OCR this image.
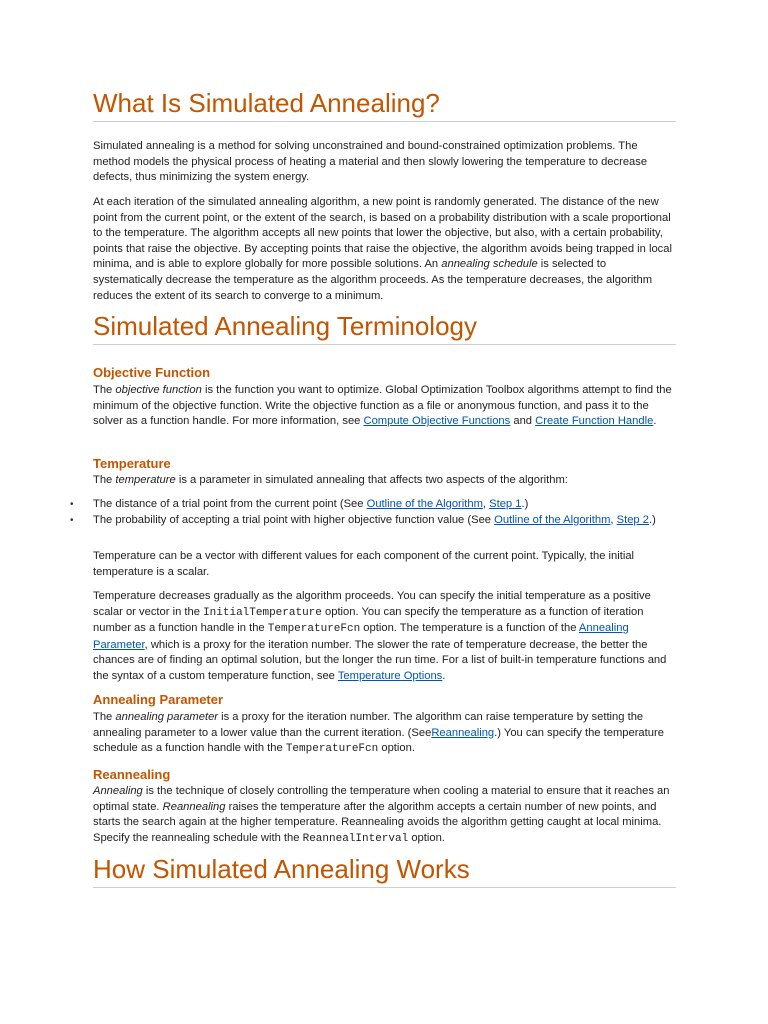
What Is Simulated Annealing?

Simulated annealing is a method for solving unconstrained and bound-constrained optimization problems. The method models the physical process of heating a material and then slowly lowering the temperature to decrease defects, thus minimizing the system energy.

At each iteration of the simulated annealing algorithm, a new point is randomly generated. The distance of the new point from the current point, or the extent of the search, is based on a probability distribution with a scale proportional to the temperature. The algorithm accepts all new points that lower the objective, but also, with a certain probability, points that raise the objective. By accepting points that raise the objective, the algorithm avoids being trapped in local minima, and is able to explore globally for more possible solutions. An annealing schedule is selected to systematically decrease the temperature as the algorithm proceeds. As the temperature decreases, the algorithm reduces the extent of its search to converge to a minimum.

Simulated Annealing Terminology
Objective Function

The objective function is the function you want to optimize. Global Optimization Toolbox algorithms attempt to find the minimum of the objective function. Write the objective function as a file or anonymous function, and pass it to the solver as a function handle. For more information, see Compute Objective Functions and Create Function Handle.

Temperature

The temperature is a parameter in simulated annealing that affects two aspects of the algorithm:

• The distance of a trial point from the current point (See Outline of the Algorithm, Step 1.)
• The probability of accepting a trial point with higher objective function value (See Outline of the Algorithm, Step 2.)

Temperature can be a vector with different values for each component of the current point. Typically, the initial temperature is a scalar.

Temperature decreases gradually as the algorithm proceeds. You can specify the initial temperature as a positive scalar or vector in the InitialTemperature option. You can specify the temperature as a function of iteration number as a function handle in the TemperatureFcn option. The temperature is a function of the Annealing Parameter, which is a proxy for the iteration number. The slower the rate of temperature decrease, the better the chances are of finding an optimal solution, but the longer the run time. For a list of built-in temperature functions and the syntax of a custom temperature function, see Temperature Options.

Annealing Parameter

The annealing parameter is a proxy for the iteration number. The algorithm can raise temperature by setting the annealing parameter to a lower value than the current iteration. (SeeReannealing.) You can specify the temperature schedule as a function handle with the TemperatureFcn option.

Reannealing

Annealing is the technique of closely controlling the temperature when cooling a material to ensure that it reaches an optimal state. Reannealing raises the temperature after the algorithm accepts a certain number of new points, and starts the search again at the higher temperature. Reannealing avoids the algorithm getting caught at local minima. Specify the reannealing schedule with the ReannealInterval option.

How Simulated Annealing Works
